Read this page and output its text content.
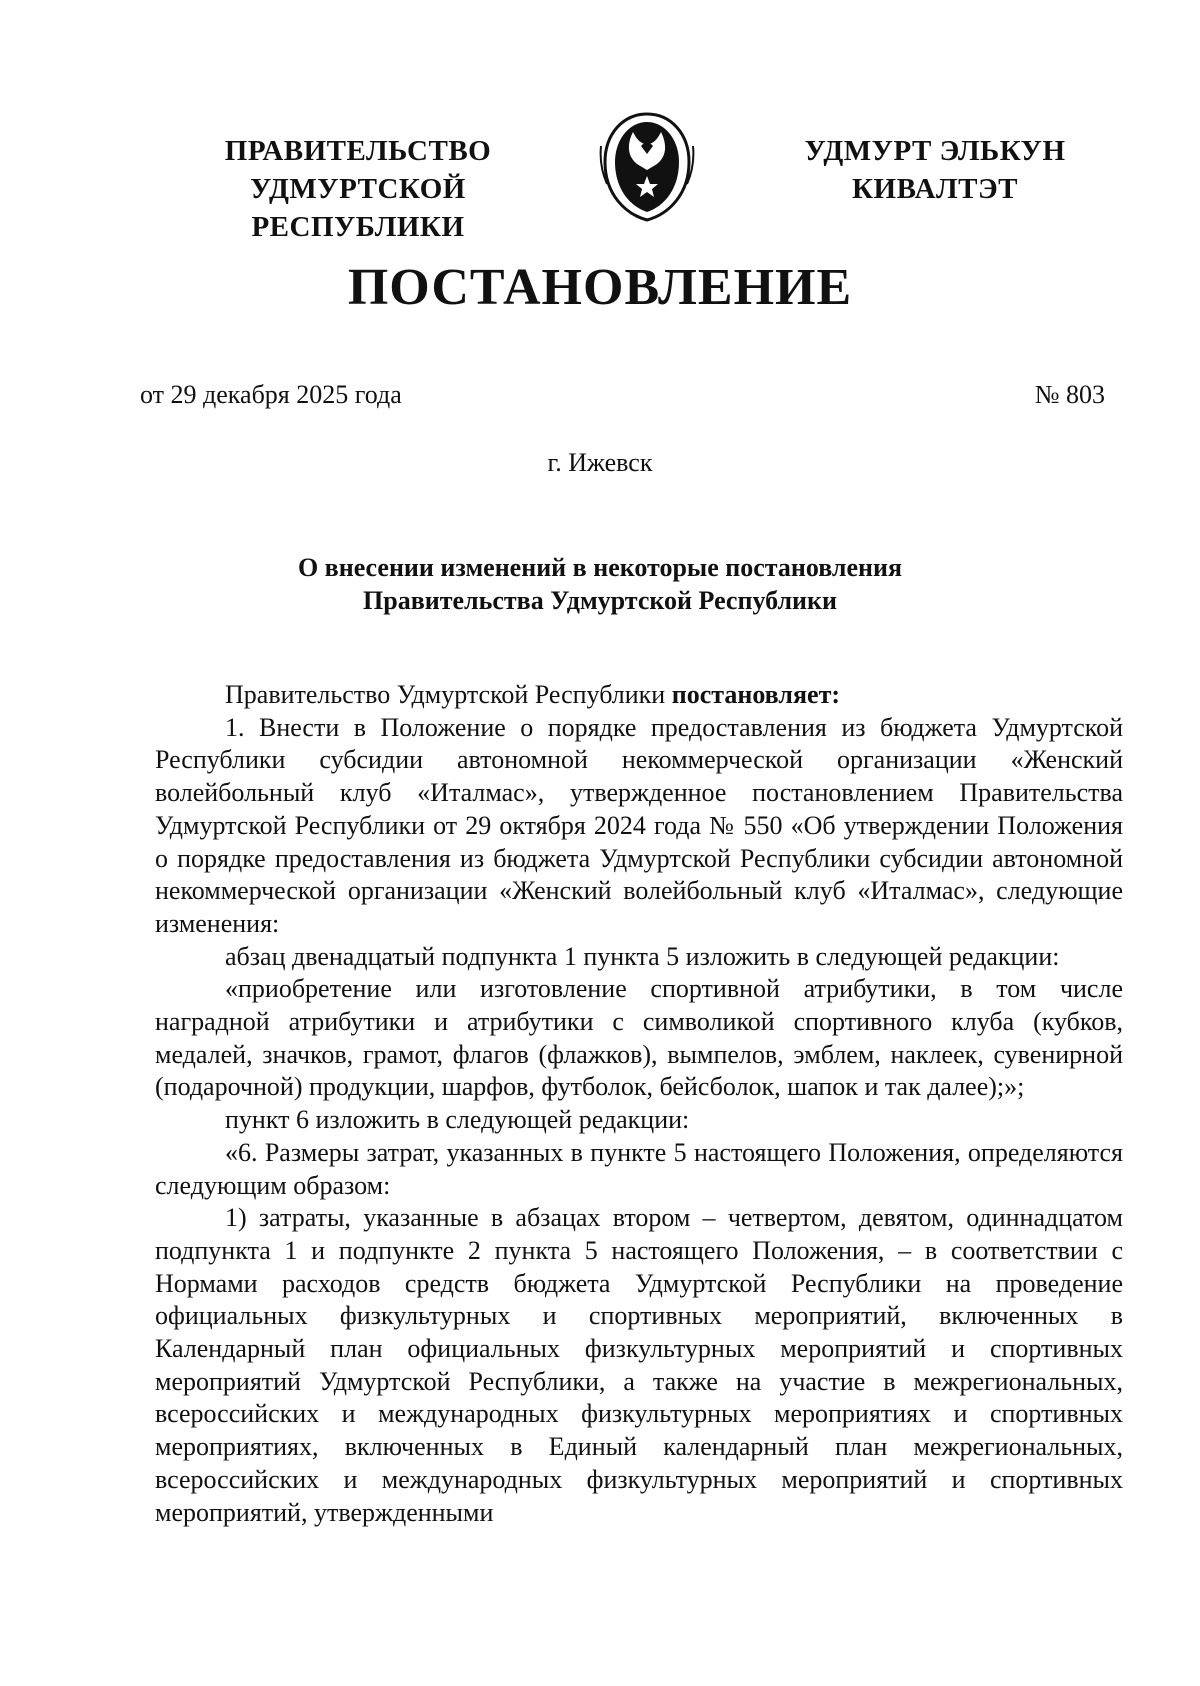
ПРАВИТЕЛЬСТВО
УДМУРТСКОЙ РЕСПУБЛИКИ
УДМУРТ ЭЛЬКУН
КИВАЛТЭТ
ПОСТАНОВЛЕНИЕ
от 29 декабря 2025 года	№ 803
г. Ижевск
О внесении изменений в некоторые постановления
Правительства Удмуртской Республики

Правительство Удмуртской Республики постановляет:

1. Внести в Положение о порядке предоставления из бюджета Удмуртской Республики субсидии автономной некоммерческой организации «Женский волейбольный клуб «Италмас», утвержденное постановлением Правительства Удмуртской Республики от 29 октября 2024 года № 550 «Об утверждении Положения о порядке предоставления из бюджета Удмуртской Республики субсидии автономной некоммерческой организации «Женский волейбольный клуб «Италмас», следующие изменения:

абзац двенадцатый подпункта 1 пункта 5 изложить в следующей редакции:

«приобретение или изготовление спортивной атрибутики, в том числе наградной атрибутики и атрибутики с символикой спортивного клуба (кубков, медалей, значков, грамот, флагов (флажков), вымпелов, эмблем, наклеек, сувенирной (подарочной) продукции, шарфов, футболок, бейсболок, шапок и так далее);»;

пункт 6 изложить в следующей редакции:

«6. Размеры затрат, указанных в пункте 5 настоящего Положения, определяются следующим образом:

1) затраты, указанные в абзацах втором – четвертом, девятом, одиннадцатом подпункта 1 и подпункте 2 пункта 5 настоящего Положения, – в соответствии с Нормами расходов средств бюджета Удмуртской Республики на проведение официальных физкультурных и спортивных мероприятий, включенных в Календарный план официальных физкультурных мероприятий и спортивных мероприятий Удмуртской Республики, а также на участие в межрегиональных, всероссийских и международных физкультурных мероприятиях и спортивных мероприятиях, включенных в Единый календарный план межрегиональных, всероссийских и международных физкультурных мероприятий и спортивных мероприятий, утвержденными
